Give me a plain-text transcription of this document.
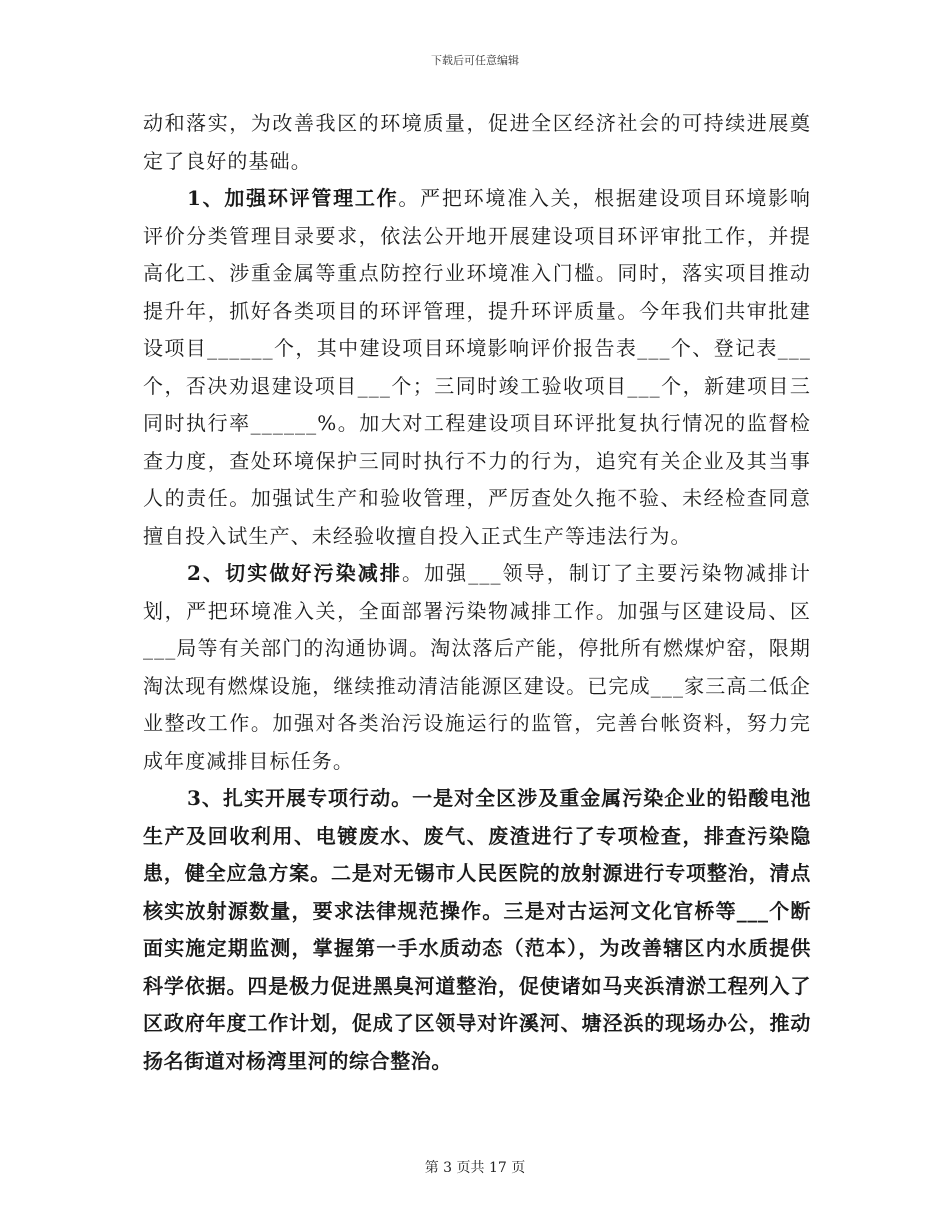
下载后可任意编辑

动和落实，为改善我区的环境质量，促进全区经济社会的可持续进展奠定了良好的基础。

1、加强环评管理工作。严把环境准入关，根据建设项目环境影响评价分类管理目录要求，依法公开地开展建设项目环评审批工作，并提高化工、涉重金属等重点防控行业环境准入门槛。同时，落实项目推动提升年，抓好各类项目的环评管理，提升环评质量。今年我们共审批建设项目______个，其中建设项目环境影响评价报告表___个、登记表___个，否决劝退建设项目___个；三同时竣工验收项目___个，新建项目三同时执行率______%。加大对工程建设项目环评批复执行情况的监督检查力度，查处环境保护三同时执行不力的行为，追究有关企业及其当事人的责任。加强试生产和验收管理，严厉查处久拖不验、未经检查同意擅自投入试生产、未经验收擅自投入正式生产等违法行为。

2、切实做好污染减排。加强___领导，制订了主要污染物减排计划，严把环境准入关，全面部署污染物减排工作。加强与区建设局、区___局等有关部门的沟通协调。淘汰落后产能，停批所有燃煤炉窑，限期淘汰现有燃煤设施，继续推动清洁能源区建设。已完成___家三高二低企业整改工作。加强对各类治污设施运行的监管，完善台帐资料，努力完成年度减排目标任务。

3、扎实开展专项行动。一是对全区涉及重金属污染企业的铅酸电池生产及回收利用、电镀废水、废气、废渣进行了专项检查，排查污染隐患，健全应急方案。二是对无锡市人民医院的放射源进行专项整治，清点核实放射源数量，要求法律规范操作。三是对古运河文化官桥等___个断面实施定期监测，掌握第一手水质动态（范本），为改善辖区内水质提供科学依据。四是极力促进黑臭河道整治，促使诸如马夹浜清淤工程列入了区政府年度工作计划，促成了区领导对许溪河、塘泾浜的现场办公，推动扬名街道对杨湾里河的综合整治。

第 3 页共 17 页
